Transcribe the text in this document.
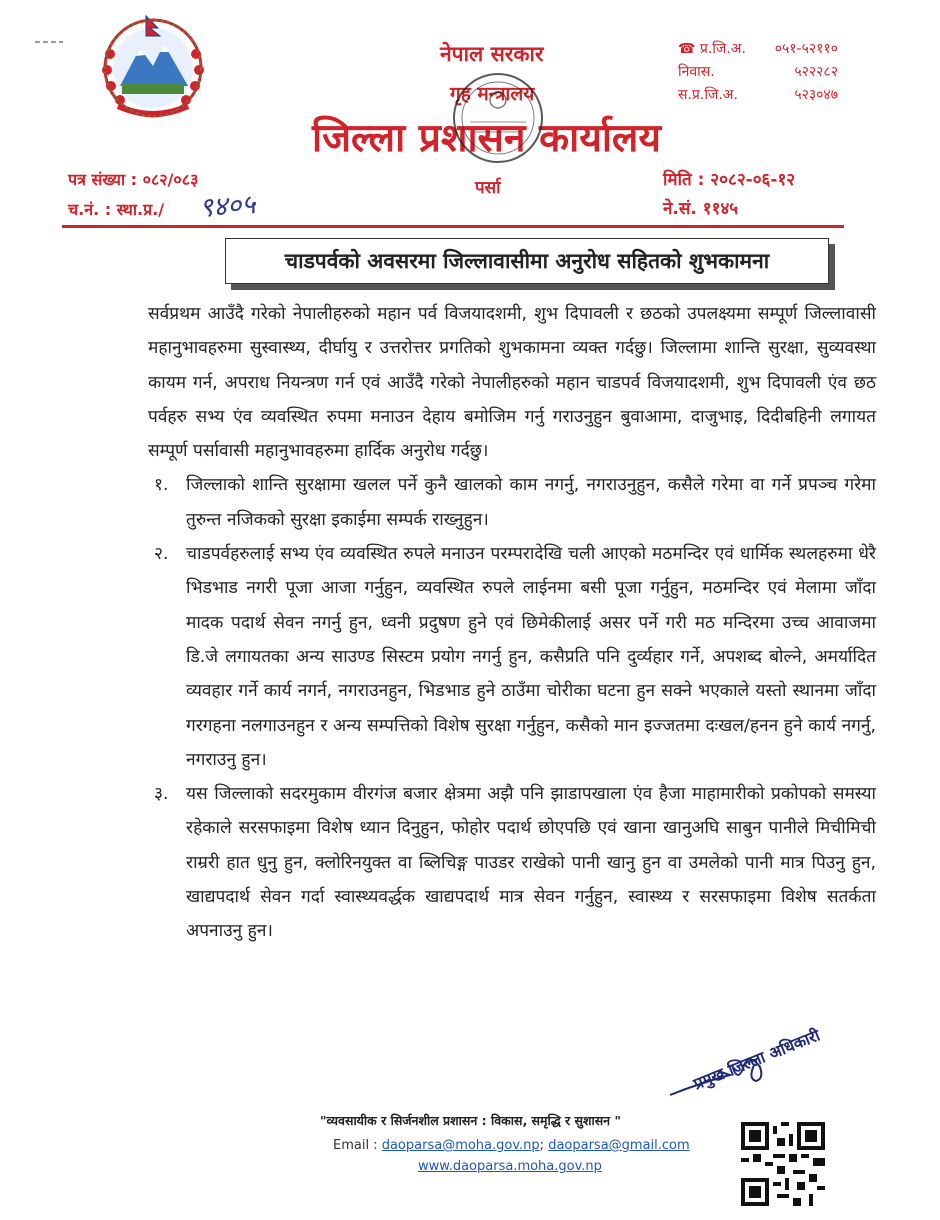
नेपाल सरकार
गृह मन्त्रालय
जिल्ला प्रशासन कार्यालय
पर्सा
☎ प्र.जि.अ. ०५१-५२११०
निवास.	५२२२८२
स.प्र.जि.अ.	५२३०४७
पत्र संख्या : ०८२/०८३
च.नं. : स्था.प्र./ ९४०५
मिति : २०८२-०६-१२
ने.सं. ११४५
चाडपर्वको अवसरमा जिल्लावासीमा अनुरोध सहितको शुभकामना

सर्वप्रथम आउँदै गरेको नेपालीहरुको महान पर्व विजयादशमी, शुभ दिपावली र छठको उपलक्ष्यमा सम्पूर्ण जिल्लावासी महानुभावहरुमा सुस्वास्थ्य, दीर्घायु र उत्तरोत्तर प्रगतिको शुभकामना व्यक्त गर्दछु। जिल्लामा शान्ति सुरक्षा, सुव्यवस्था कायम गर्न, अपराध नियन्त्रण गर्न एवं आउँदै गरेको नेपालीहरुको महान चाडपर्व विजयादशमी, शुभ दिपावली एंव छठ पर्वहरु सभ्य एंव व्यवस्थित रुपमा मनाउन देहाय बमोजिम गर्नु गराउनुहुन बुवाआमा, दाजुभाइ, दिदीबहिनी लगायत सम्पूर्ण पर्सावासी महानुभावहरुमा हार्दिक अनुरोध गर्दछु।

१.	जिल्लाको शान्ति सुरक्षामा खलल पर्ने कुनै खालको काम नगर्नु, नगराउनुहुन, कसैले गरेमा वा गर्ने प्रपञ्च गरेमा तुरुन्त नजिकको सुरक्षा इकाईमा सम्पर्क राख्नुहुन।
२.	चाडपर्वहरुलाई सभ्य एंव व्यवस्थित रुपले मनाउन परम्परादेखि चली आएको मठमन्दिर एवं धार्मिक स्थलहरुमा धेरै भिडभाड नगरी पूजा आजा गर्नुहुन, व्यवस्थित रुपले लाईनमा बसी पूजा गर्नुहुन, मठमन्दिर एवं मेलामा जाँदा मादक पदार्थ सेवन नगर्नु हुन, ध्वनी प्रदुषण हुने एवं छिमेकीलाई असर पर्ने गरी मठ मन्दिरमा उच्च आवाजमा डि.जे लगायतका अन्य साउण्ड सिस्टम प्रयोग नगर्नु हुन, कसैप्रति पनि दुर्व्यहार गर्ने, अपशब्द बोल्ने, अमर्यादित व्यवहार गर्ने कार्य नगर्न, नगराउनहुन, भिडभाड हुने ठाउँमा चोरीका घटना हुन सक्ने भएकाले यस्तो स्थानमा जाँदा गरगहना नलगाउनहुन र अन्य सम्पत्तिको विशेष सुरक्षा गर्नुहुन, कसैको मान इज्जतमा दःखल/हनन हुने कार्य नगर्नु, नगराउनु हुन।
३.	यस जिल्लाको सदरमुकाम वीरगंज बजार क्षेत्रमा अझै पनि झाडापखाला एंव हैजा माहामारीको प्रकोपको समस्या रहेकाले सरसफाइमा विशेष ध्यान दिनुहुन, फोहोर पदार्थ छोएपछि एवं खाना खानुअघि साबुन पानीले मिचीमिची राम्ररी हात धुनु हुन, क्लोरिनयुक्त वा ब्लिचिङ्ग पाउडर राखेको पानी खानु हुन वा उमलेको पानी मात्र पिउनु हुन, खाद्यपदार्थ सेवन गर्दा स्वास्थ्यवर्द्धक खाद्यपदार्थ मात्र सेवन गर्नुहुन, स्वास्थ्य र सरसफाइमा विशेष सतर्कता अपनाउनु हुन।
प्रमुख जिल्ला अधिकारी
"व्यवसायीक र सिर्जनशील प्रशासन : विकास, समृद्धि र सुशासन "
Email : daoparsa@moha.gov.np; daoparsa@gmail.com
www.daoparsa.moha.gov.np
